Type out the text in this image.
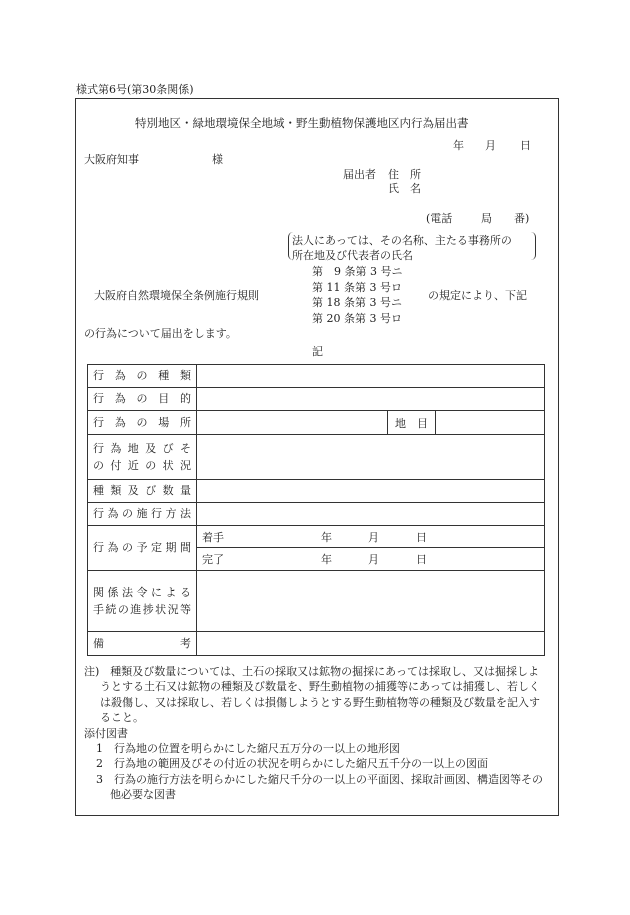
様式第6号(第30条関係)
特別地区・緑地環境保全地域・野生動植物保護地区内行為届出書
年 月 日
大阪府知事	様
届出者 住　所
氏　名
(電話	局 番)
法人にあっては、その名称、主たる事務所の
所在地及び代表者の氏名
第　9 条第 3 号ニ
第 11 条第 3 号ロ
大阪府自然環境保全条例施行規則	の規定により、下記
第 18 条第 3 号ニ
第 20 条第 3 号ロ
の行為について届出をします。
記
行為の種類			
行為の目的			
行為の場所		地　目	

行為地及びそ
の付近の状況			

種類及び数量			
行為の施行方法			
行為の予定期間	着手 年 月 日		

	完了 年 月 日		

関係法令による
手続の進捗状況等			

備　　　考			

注)　種類及び数量については、土石の採取又は鉱物の掘採にあっては採取し、又は掘採しようとする土石又は鉱物の種類及び数量を、野生動植物の捕獲等にあっては捕獲し、若しくは殺傷し、又は採取し、若しくは損傷しようとする野生動植物等の種類及び数量を記入すること。

添付図書

1　行為地の位置を明らかにした縮尺五万分の一以上の地形図

2　行為地の範囲及びその付近の状況を明らかにした縮尺五千分の一以上の図面

3　行為の施行方法を明らかにした縮尺千分の一以上の平面図、採取計画図、構造図等その他必要な図書
